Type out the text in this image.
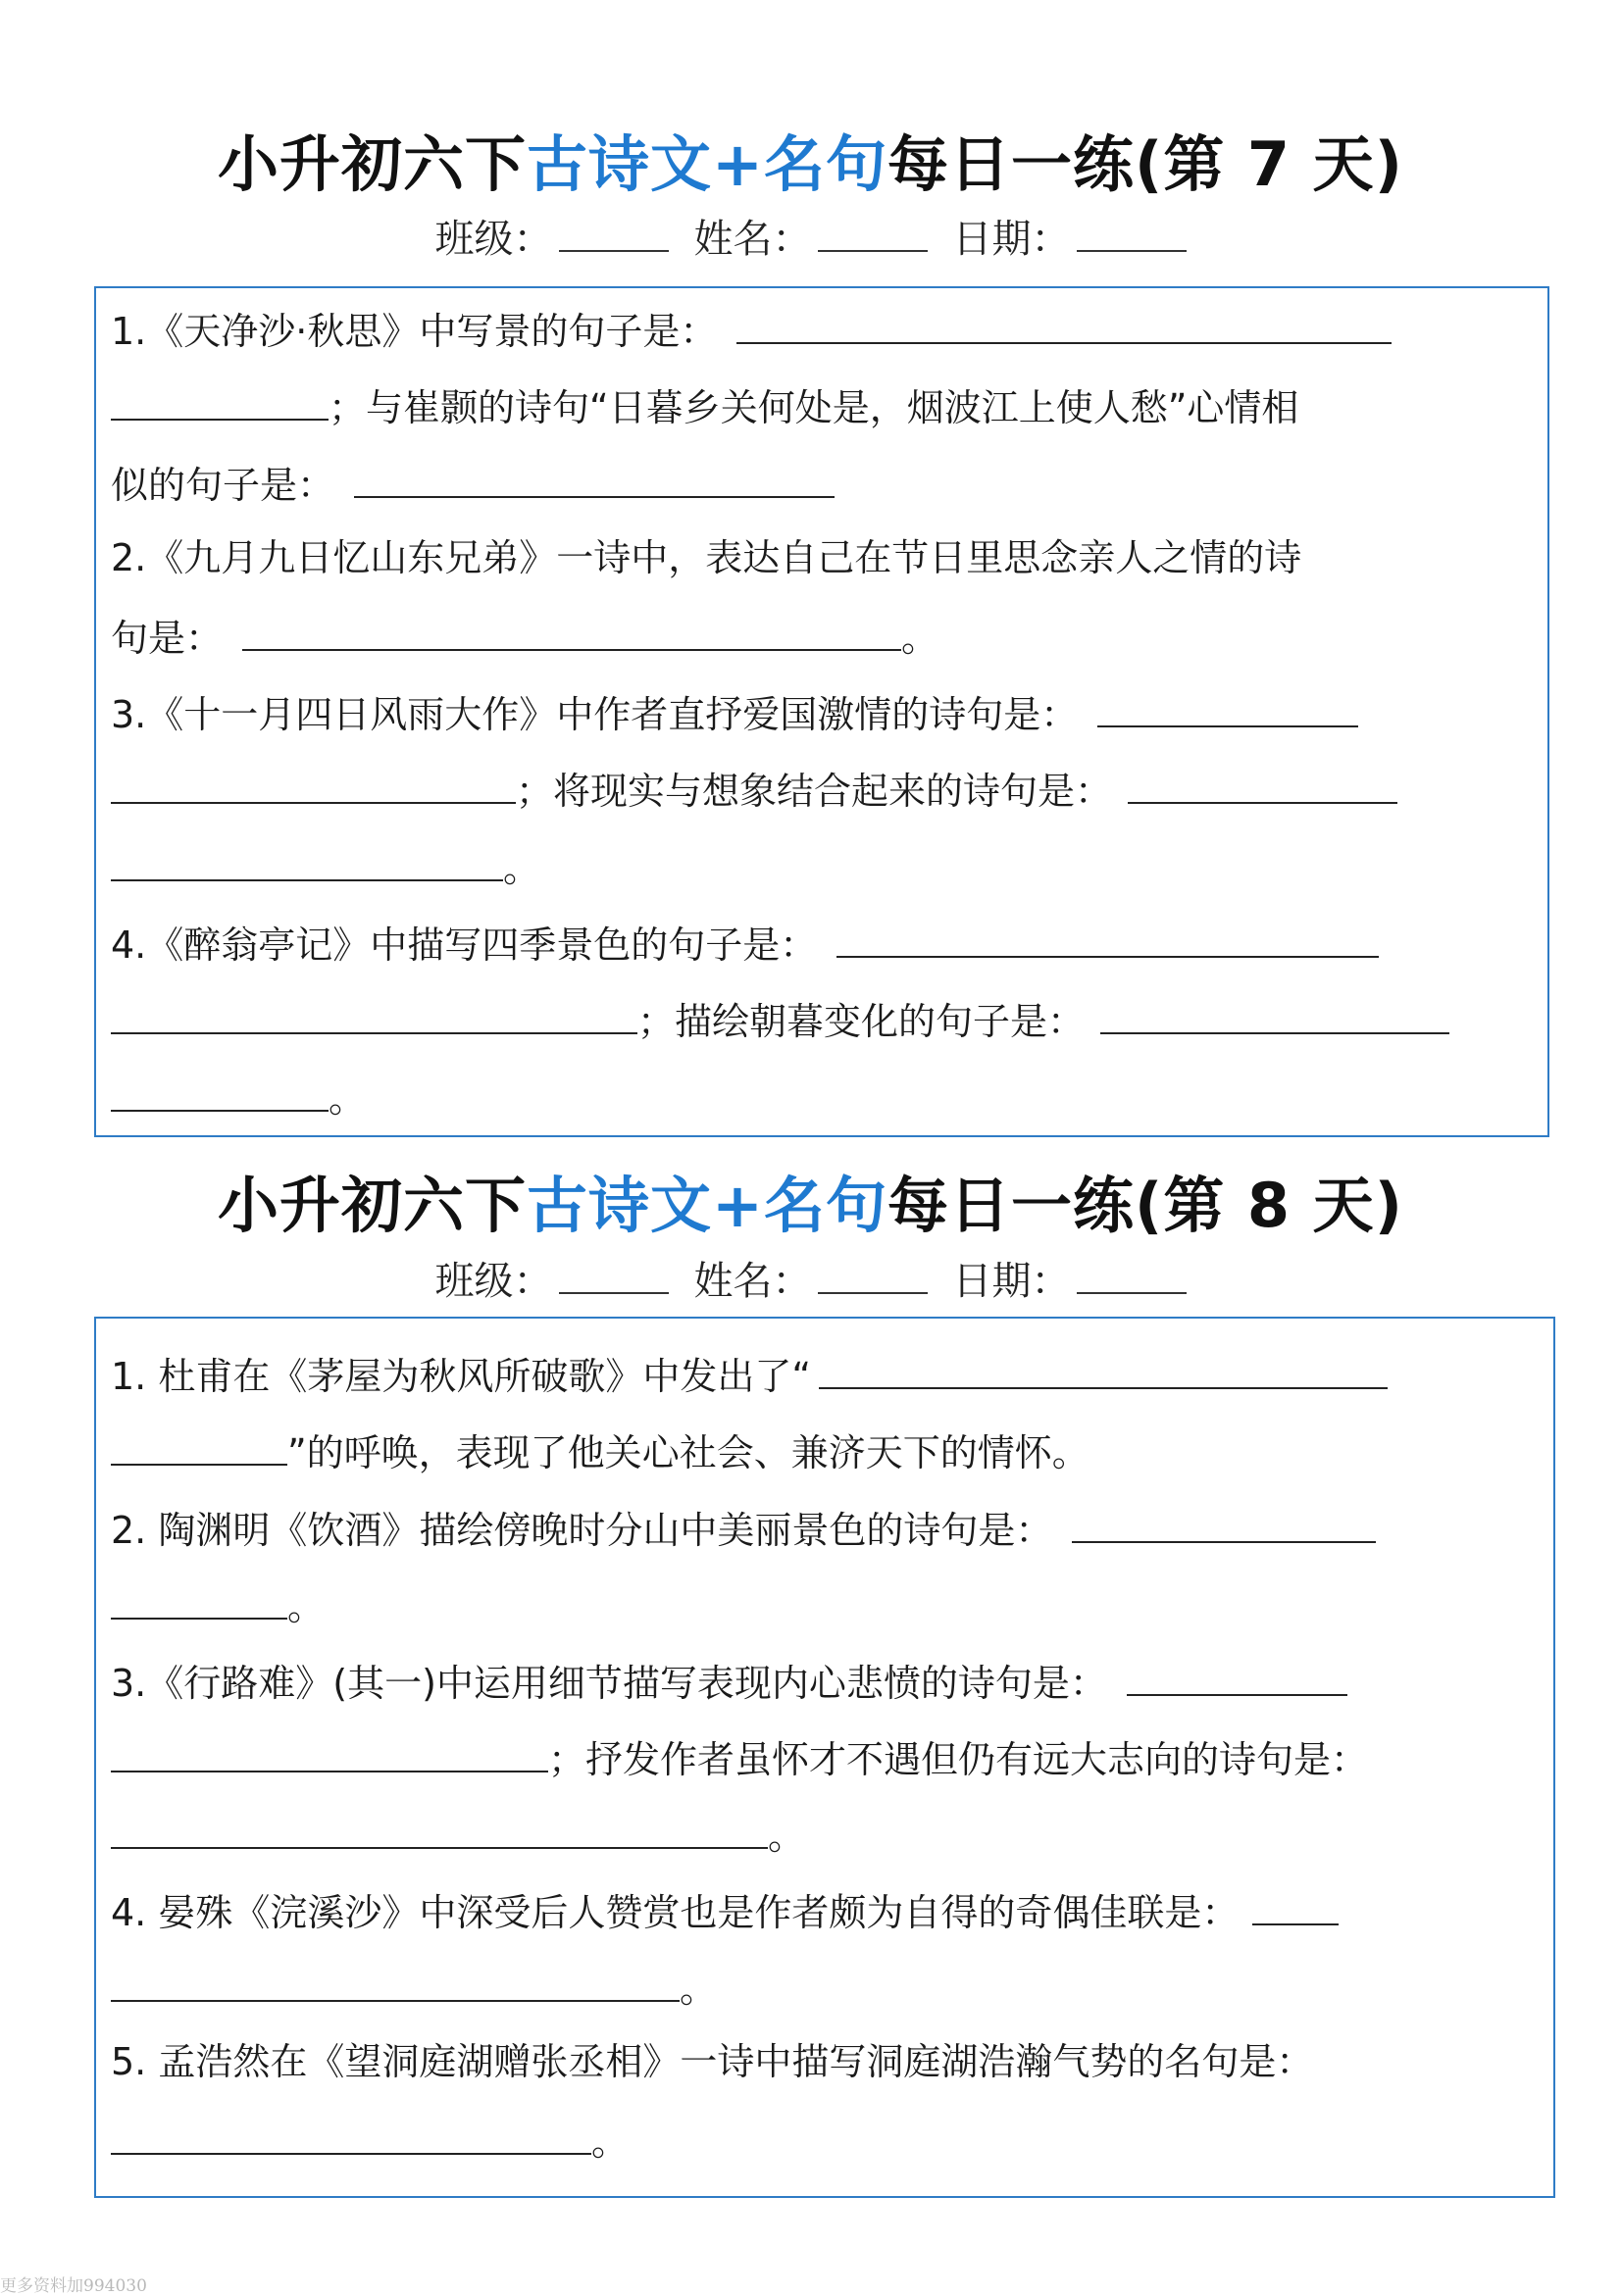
小升初六下古诗文+名句每日一练(第 7 天)
班级：	姓名：	日期：
1.《天净沙·秋思》中写景的句子是：
；与崔颢的诗句“日暮乡关何处是，烟波江上使人愁”心情相
似的句子是：
2.《九月九日忆山东兄弟》一诗中，表达自己在节日里思念亲人之情的诗
句是：	。
3.《十一月四日风雨大作》中作者直抒爱国激情的诗句是：
；将现实与想象结合起来的诗句是：
。
4.《醉翁亭记》中描写四季景色的句子是：
；描绘朝暮变化的句子是：
。
小升初六下古诗文+名句每日一练(第 8 天)
班级：	姓名：	日期：
1. 杜甫在《茅屋为秋风所破歌》中发出了“
”的呼唤，表现了他关心社会、兼济天下的情怀。
2. 陶渊明《饮酒》描绘傍晚时分山中美丽景色的诗句是：
。
3.《行路难》(其一)中运用细节描写表现内心悲愤的诗句是：
；抒发作者虽怀才不遇但仍有远大志向的诗句是：
。
4. 晏殊《浣溪沙》中深受后人赞赏也是作者颇为自得的奇偶佳联是：
。
5. 孟浩然在《望洞庭湖赠张丞相》一诗中描写洞庭湖浩瀚气势的名句是：
。
更多资料加994030
